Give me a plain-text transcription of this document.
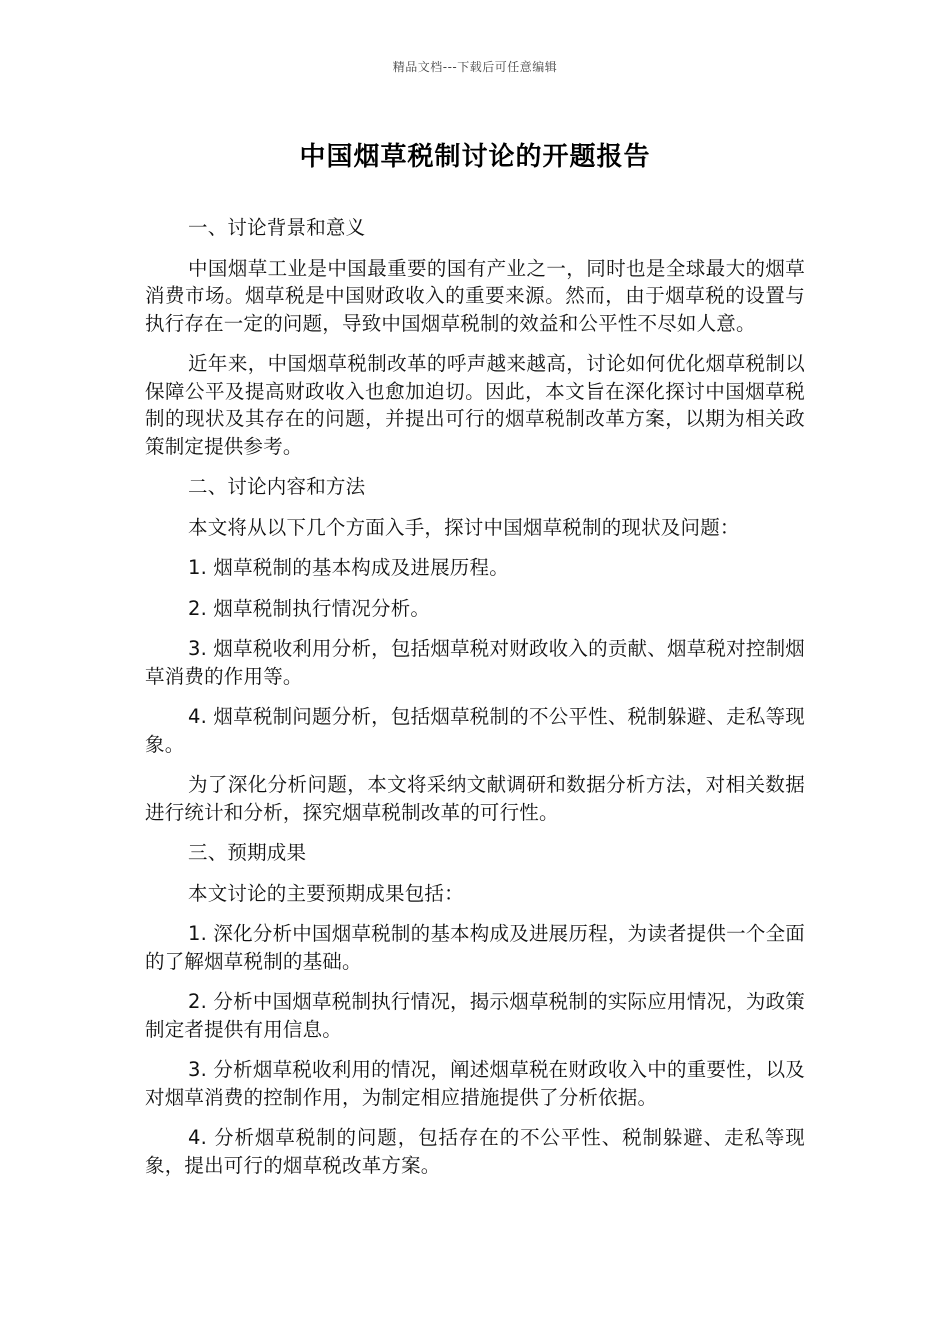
精品文档---下载后可任意编辑
中国烟草税制讨论的开题报告

一、讨论背景和意义

中国烟草工业是中国最重要的国有产业之一，同时也是全球最大的烟草消费市场。烟草税是中国财政收入的重要来源。然而，由于烟草税的设置与执行存在一定的问题，导致中国烟草税制的效益和公平性不尽如人意。

近年来，中国烟草税制改革的呼声越来越高，讨论如何优化烟草税制以保障公平及提高财政收入也愈加迫切。因此，本文旨在深化探讨中国烟草税制的现状及其存在的问题，并提出可行的烟草税制改革方案，以期为相关政策制定提供参考。

二、讨论内容和方法

本文将从以下几个方面入手，探讨中国烟草税制的现状及问题：

1. 烟草税制的基本构成及进展历程。

2. 烟草税制执行情况分析。

3. 烟草税收利用分析，包括烟草税对财政收入的贡献、烟草税对控制烟草消费的作用等。

4. 烟草税制问题分析，包括烟草税制的不公平性、税制躲避、走私等现象。

为了深化分析问题，本文将采纳文献调研和数据分析方法，对相关数据进行统计和分析，探究烟草税制改革的可行性。

三、预期成果

本文讨论的主要预期成果包括：

1. 深化分析中国烟草税制的基本构成及进展历程，为读者提供一个全面的了解烟草税制的基础。

2. 分析中国烟草税制执行情况，揭示烟草税制的实际应用情况，为政策制定者提供有用信息。

3. 分析烟草税收利用的情况，阐述烟草税在财政收入中的重要性，以及对烟草消费的控制作用，为制定相应措施提供了分析依据。

4. 分析烟草税制的问题，包括存在的不公平性、税制躲避、走私等现象，提出可行的烟草税改革方案。
